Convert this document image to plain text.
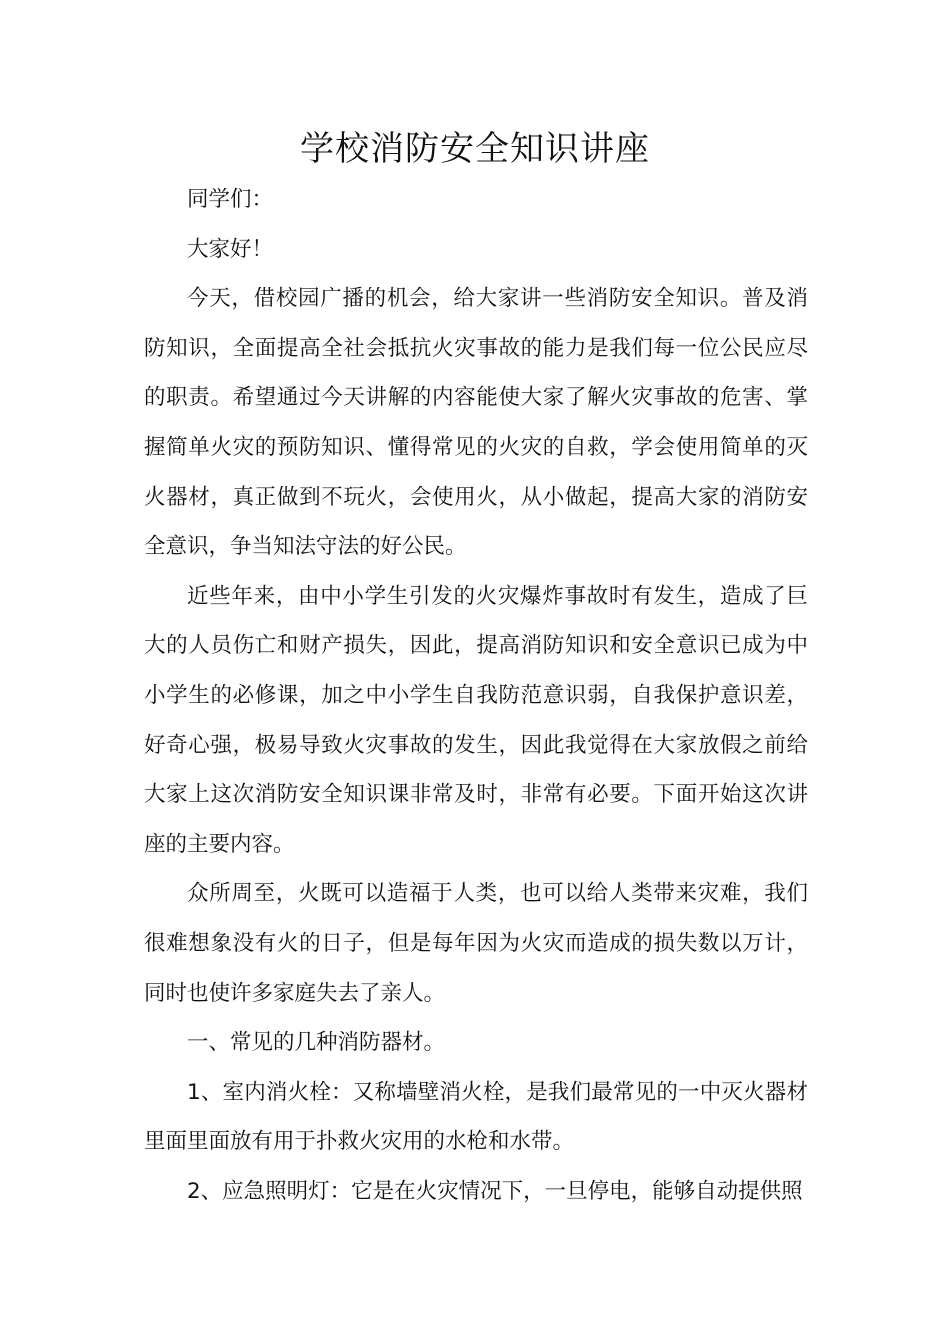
学校消防安全知识讲座

同学们：

大家好！

今天，借校园广播的机会，给大家讲一些消防安全知识。普及消防知识，全面提高全社会抵抗火灾事故的能力是我们每一位公民应尽的职责。希望通过今天讲解的内容能使大家了解火灾事故的危害、掌握简单火灾的预防知识、懂得常见的火灾的自救，学会使用简单的灭火器材，真正做到不玩火，会使用火，从小做起，提高大家的消防安全意识，争当知法守法的好公民。

近些年来，由中小学生引发的火灾爆炸事故时有发生，造成了巨大的人员伤亡和财产损失，因此，提高消防知识和安全意识已成为中小学生的必修课，加之中小学生自我防范意识弱，自我保护意识差，好奇心强，极易导致火灾事故的发生，因此我觉得在大家放假之前给大家上这次消防安全知识课非常及时，非常有必要。下面开始这次讲座的主要内容。

众所周至，火既可以造福于人类，也可以给人类带来灾难，我们很难想象没有火的日子，但是每年因为火灾而造成的损失数以万计，同时也使许多家庭失去了亲人。

一、常见的几种消防器材。

1、室内消火栓：又称墙壁消火栓，是我们最常见的一中灭火器材里面里面放有用于扑救火灾用的水枪和水带。

2、应急照明灯：它是在火灾情况下，一旦停电，能够自动提供照
